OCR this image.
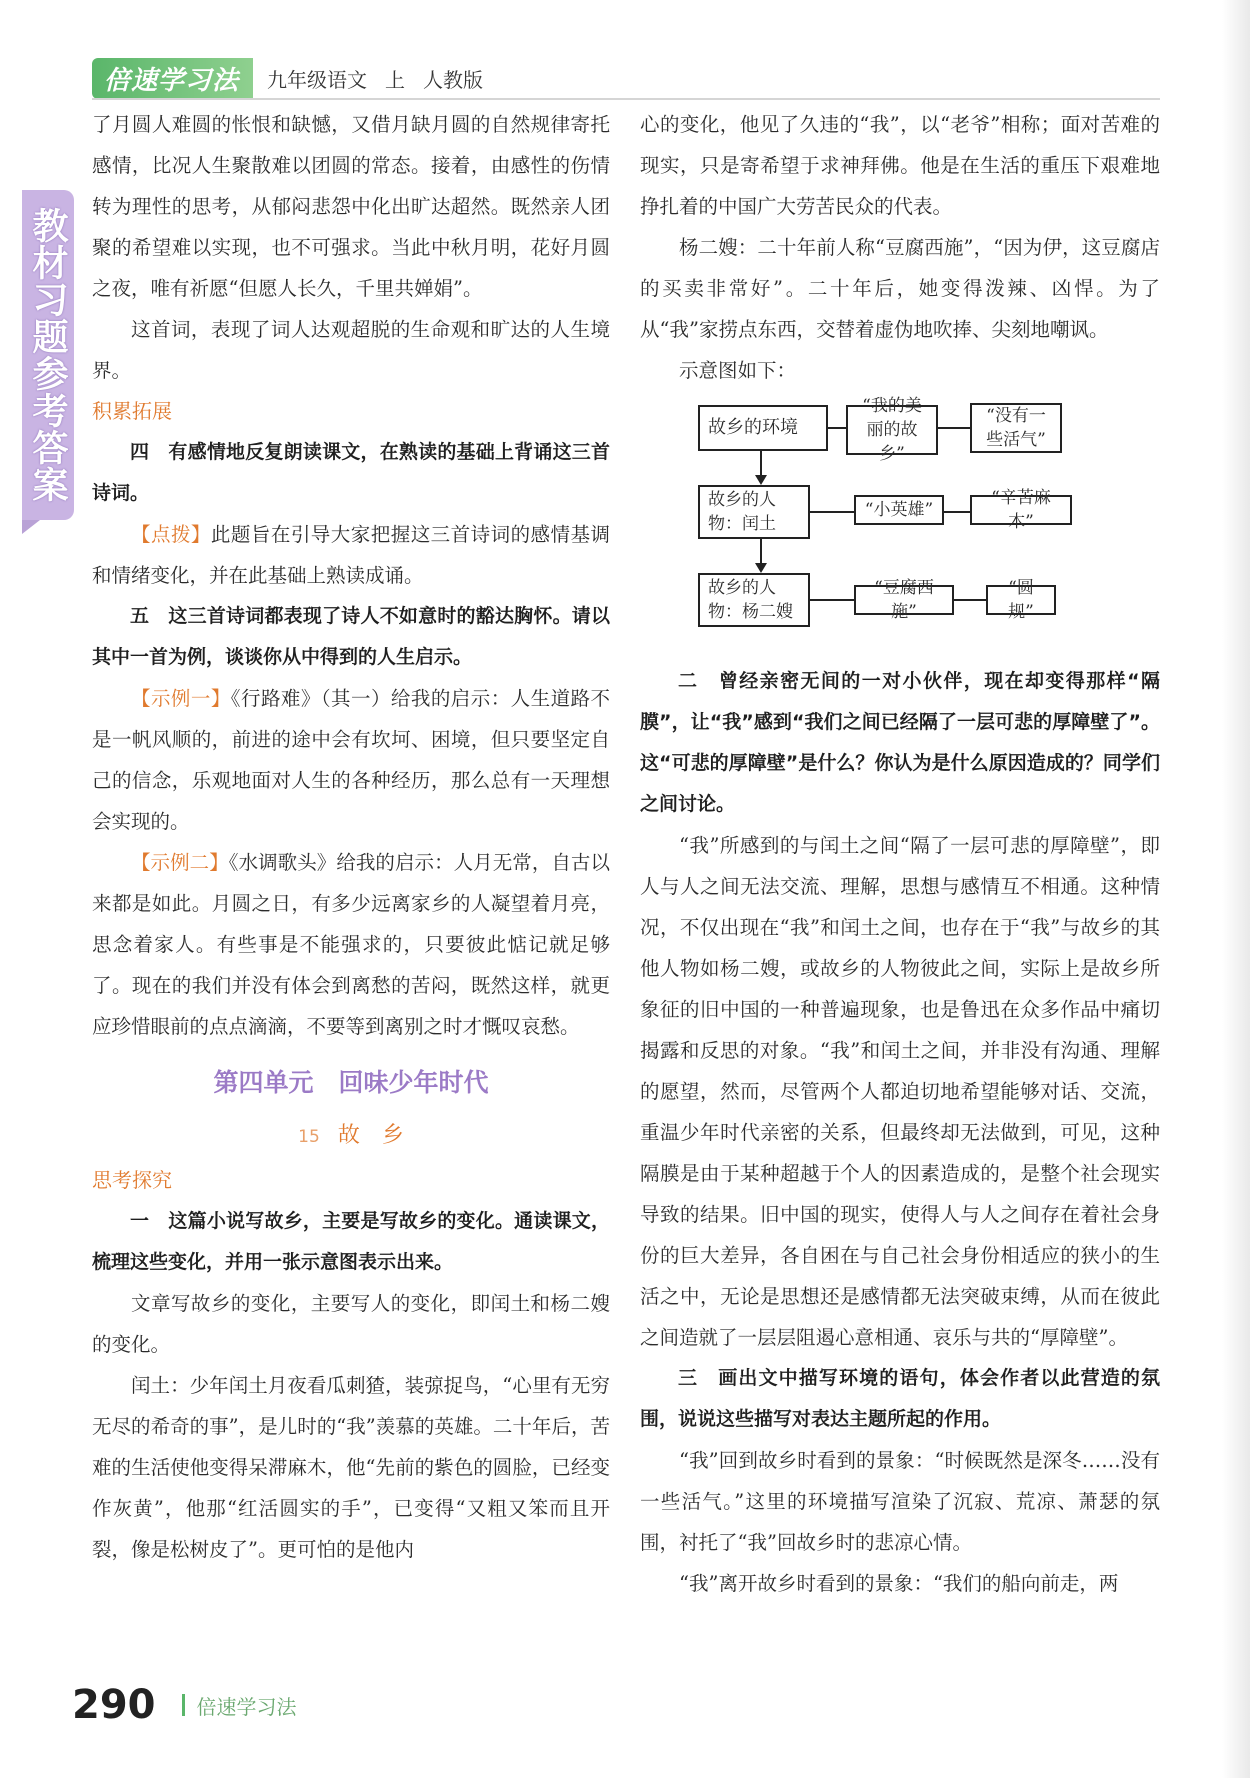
倍速学习法	九年级语文 上 人教版
教材习题参考答案

了月圆人难圆的怅恨和缺憾，又借月缺月圆的自然规律寄托感情，比况人生聚散难以团圆的常态。接着，由感性的伤情转为理性的思考，从郁闷悲怨中化出旷达超然。既然亲人团聚的希望难以实现，也不可强求。当此中秋月明，花好月圆之夜，唯有祈愿“但愿人长久，千里共婵娟”。

这首词，表现了词人达观超脱的生命观和旷达的人生境界。

积累拓展

四　有感情地反复朗读课文，在熟读的基础上背诵这三首诗词。

【点拨】此题旨在引导大家把握这三首诗词的感情基调和情绪变化，并在此基础上熟读成诵。

五　这三首诗词都表现了诗人不如意时的豁达胸怀。请以其中一首为例，谈谈你从中得到的人生启示。

【示例一】《行路难》（其一）给我的启示：人生道路不是一帆风顺的，前进的途中会有坎坷、困境，但只要坚定自己的信念，乐观地面对人生的各种经历，那么总有一天理想会实现的。

【示例二】《水调歌头》给我的启示：人月无常，自古以来都是如此。月圆之日，有多少远离家乡的人凝望着月亮，思念着家人。有些事是不能强求的，只要彼此惦记就足够了。现在的我们并没有体会到离愁的苦闷，既然这样，就更应珍惜眼前的点点滴滴，不要等到离别之时才慨叹哀愁。

第四单元　回味少年时代
15 故　乡

思考探究

一　这篇小说写故乡，主要是写故乡的变化。通读课文，梳理这些变化，并用一张示意图表示出来。

文章写故乡的变化，主要写人的变化，即闰土和杨二嫂的变化。

闰土：少年闰土月夜看瓜刺猹，装弶捉鸟，“心里有无穷无尽的希奇的事”，是儿时的“我”羡慕的英雄。二十年后，苦难的生活使他变得呆滞麻木，他“先前的紫色的圆脸，已经变作灰黄”，他那“红活圆实的手”，已变得“又粗又笨而且开裂，像是松树皮了”。更可怕的是他内

心的变化，他见了久违的“我”，以“老爷”相称；面对苦难的现实，只是寄希望于求神拜佛。他是在生活的重压下艰难地挣扎着的中国广大劳苦民众的代表。

杨二嫂：二十年前人称“豆腐西施”，“因为伊，这豆腐店的买卖非常好”。二十年后，她变得泼辣、凶悍。为了从“我”家捞点东西，交替着虚伪地吹捧、尖刻地嘲讽。

示意图如下：

故乡的环境
“我的美丽的故乡”
“没有一些活气”
故乡的人物：闰土
“小英雄”
“辛苦麻木”
故乡的人物：杨二嫂
“豆腐西施”
“圆规”

二　曾经亲密无间的一对小伙伴，现在却变得那样“隔膜”，让“我”感到“我们之间已经隔了一层可悲的厚障壁了”。这“可悲的厚障壁”是什么？你认为是什么原因造成的？同学们之间讨论。

“我”所感到的与闰土之间“隔了一层可悲的厚障壁”，即人与人之间无法交流、理解，思想与感情互不相通。这种情况，不仅出现在“我”和闰土之间，也存在于“我”与故乡的其他人物如杨二嫂，或故乡的人物彼此之间，实际上是故乡所象征的旧中国的一种普遍现象，也是鲁迅在众多作品中痛切揭露和反思的对象。“我”和闰土之间，并非没有沟通、理解的愿望，然而，尽管两个人都迫切地希望能够对话、交流，重温少年时代亲密的关系，但最终却无法做到，可见，这种隔膜是由于某种超越于个人的因素造成的，是整个社会现实导致的结果。旧中国的现实，使得人与人之间存在着社会身份的巨大差异，各自困在与自己社会身份相适应的狭小的生活之中，无论是思想还是感情都无法突破束缚，从而在彼此之间造就了一层层阻遏心意相通、哀乐与共的“厚障壁”。

三　画出文中描写环境的语句，体会作者以此营造的氛围，说说这些描写对表达主题所起的作用。

“我”回到故乡时看到的景象：“时候既然是深冬……没有一些活气。”这里的环境描写渲染了沉寂、荒凉、萧瑟的氛围，衬托了“我”回故乡时的悲凉心情。

“我”离开故乡时看到的景象：“我们的船向前走，两

290 倍速学习法
